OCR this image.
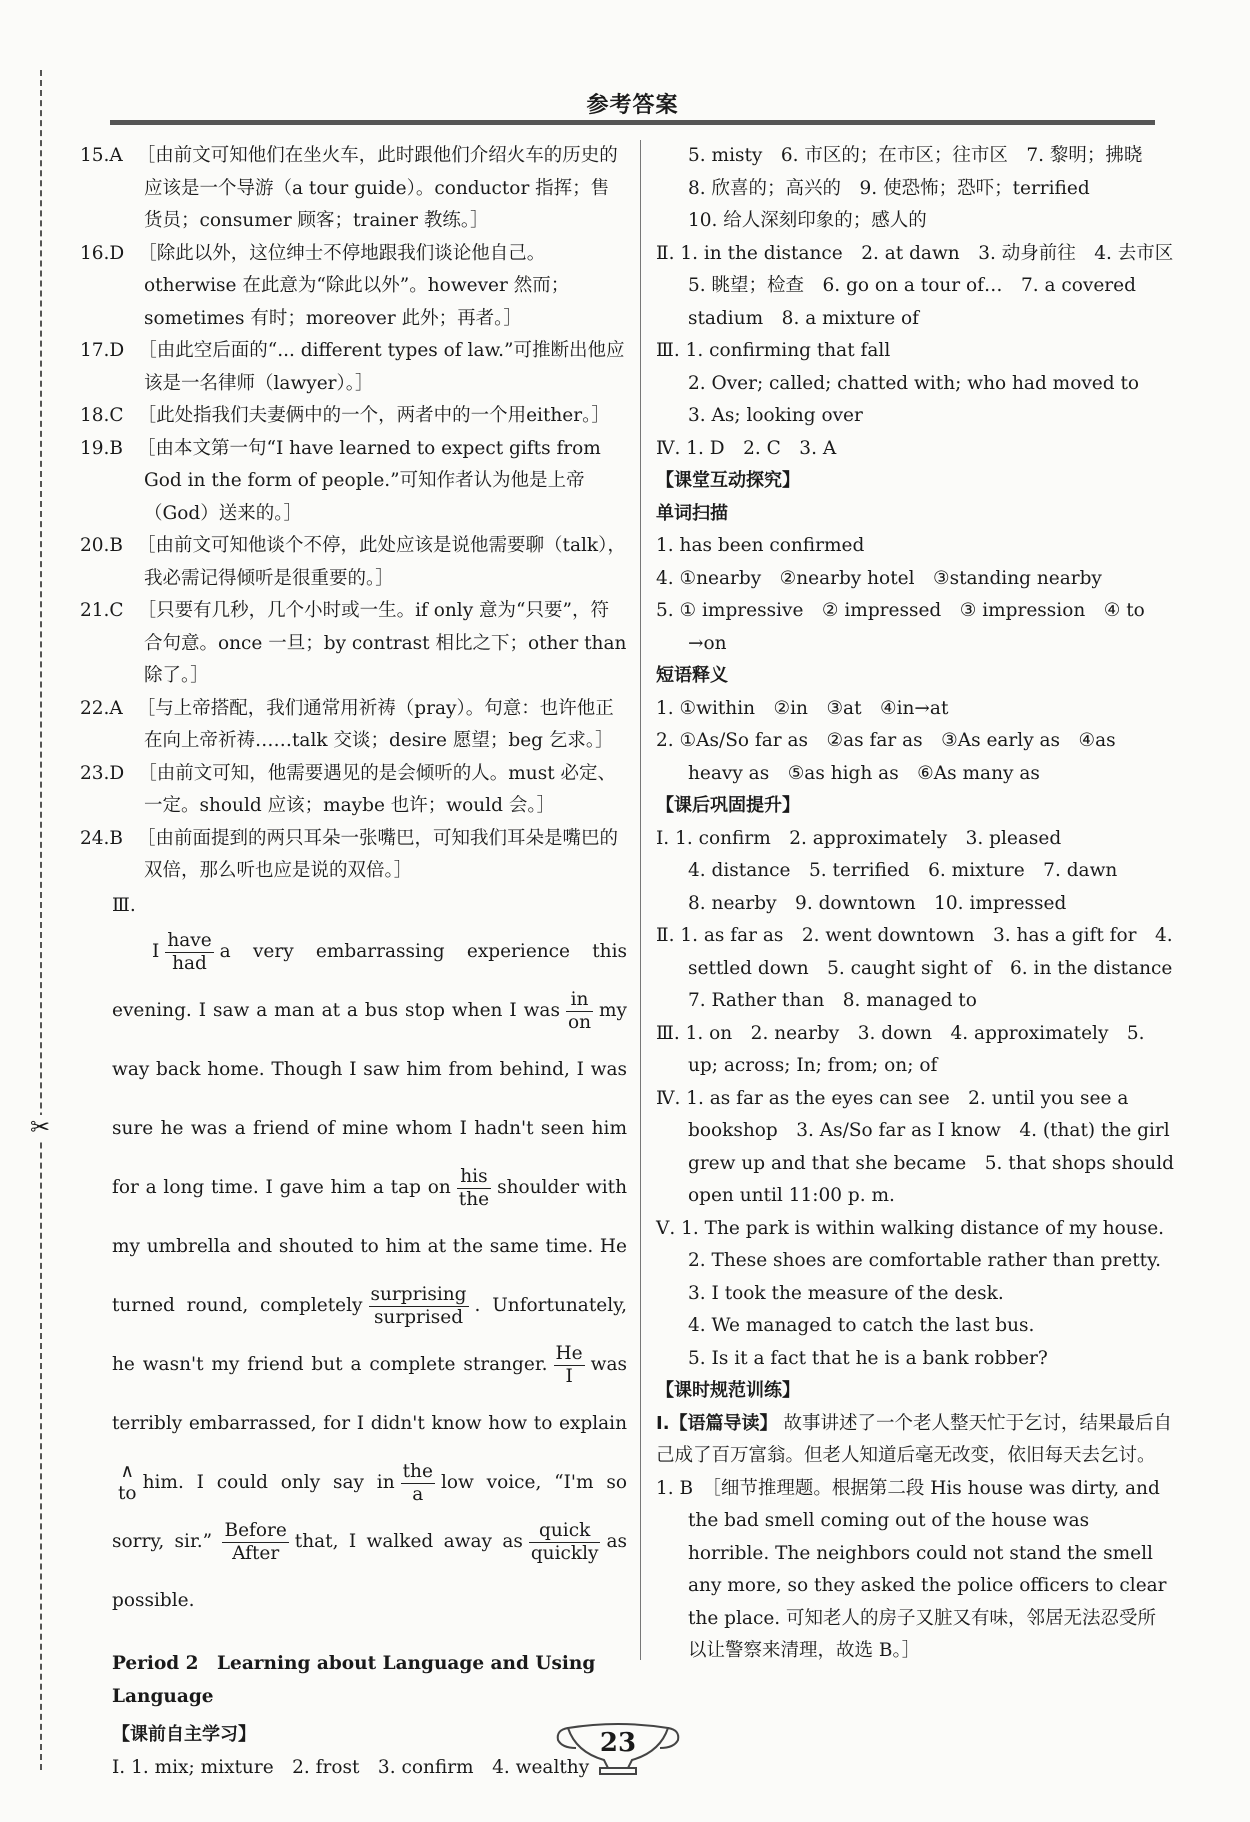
✂
参考答案
15.A ［由前文可知他们在坐火车，此时跟他们介绍火车的历史的应该是一个导游（a tour guide）。conductor 指挥；售货员；consumer 顾客；trainer 教练。］
16.D ［除此以外，这位绅士不停地跟我们谈论他自己。otherwise 在此意为“除此以外”。however 然而；sometimes 有时；moreover 此外；再者。］
17.D ［由此空后面的“... different types of law.”可推断出他应该是一名律师（lawyer）。］
18.C ［此处指我们夫妻俩中的一个，两者中的一个用either。］
19.B ［由本文第一句“I have learned to expect gifts from God in the form of people.”可知作者认为他是上帝（God）送来的。］
20.B ［由前文可知他谈个不停，此处应该是说他需要聊（talk），我必需记得倾听是很重要的。］
21.C ［只要有几秒，几个小时或一生。if only 意为“只要”，符合句意。once 一旦；by contrast 相比之下；other than 除了。］
22.A ［与上帝搭配，我们通常用祈祷（pray）。句意：也许他正在向上帝祈祷……talk 交谈；desire 愿望；beg 乞求。］
23.D ［由前文可知，他需要遇见的是会倾听的人。must 必定、一定。should 应该；maybe 也许；would 会。］
24.B ［由前面提到的两只耳朵一张嘴巴，可知我们耳朵是嘴巴的双倍，那么听也应是说的双倍。］
Ⅲ.
I $\frac{\text{have}}{\text{had}}$ a very embarrassing experience this evening. I saw a man at a bus stop when I was $\frac{in}{on}$ my way back home. Though I saw him from behind, I was sure he was a friend of mine whom I hadn't seen him for a long time. I gave him a tap on $\frac{\text{his}}{\text{the}}$ shoulder with my umbrella and shouted to him at the same time. He turned round, completely $\frac{\text{surprising}}{\text{surprised}}$ . Unfortunately, he wasn't my friend but a complete stranger. $\frac{He}{I}$ was terribly embarrassed, for I didn't know how to explain
∧
to
him. I could only say in $\frac{\text{the}}{a}$ low voice, “I'm so sorry, sir.” $\frac{\text{Before}}{\text{After}}$ that, I walked away as $\frac{\text{quick}}{\text{quickly}}$ as possible.
Period 2　Learning about Language and Using Language
【课前自主学习】
Ⅰ. 1. mix; mixture　2. frost　3. confirm　4. wealthy
5. misty　6. 市区的；在市区；往市区　7. 黎明；拂晓
8. 欣喜的；高兴的　9. 使恐怖；恐吓；terrified
10. 给人深刻印象的；感人的
Ⅱ. 1. in the distance　2. at dawn　3. 动身前往　4. 去市区　5. 眺望；检查　6. go on a tour of…　7. a covered stadium　8. a mixture of
Ⅲ. 1. confirming that fall
2. Over; called; chatted with; who had moved to
3. As; looking over
Ⅳ. 1. D　2. C　3. A
【课堂互动探究】
单词扫描
1. has been confirmed
4. ①nearby　②nearby hotel　③standing nearby
5. ① impressive　② impressed　③ impression　④ to →on
短语释义
1. ①within　②in　③at　④in→at
2. ①As/So far as　②as far as　③As early as　④as heavy as　⑤as high as　⑥As many as
【课后巩固提升】
Ⅰ. 1. confirm　2. approximately　3. pleased
4. distance　5. terrified　6. mixture　7. dawn
8. nearby　9. downtown　10. impressed
Ⅱ. 1. as far as　2. went downtown　3. has a gift for　4. settled down　5. caught sight of　6. in the distance　7. Rather than　8. managed to
Ⅲ. 1. on　2. nearby　3. down　4. approximately　5. up; across; In; from; on; of
Ⅳ. 1. as far as the eyes can see　2. until you see a bookshop　3. As/So far as I know　4. (that) the girl grew up and that she became　5. that shops should open until 11:00 p. m.
Ⅴ. 1. The park is within walking distance of my house.
2. These shoes are comfortable rather than pretty.
3. I took the measure of the desk.
4. We managed to catch the last bus.
5. Is it a fact that he is a bank robber?
【课时规范训练】
Ⅰ.【语篇导读】 故事讲述了一个老人整天忙于乞讨，结果最后自己成了百万富翁。但老人知道后毫无改变，依旧每天去乞讨。
1. B　［细节推理题。根据第二段 His house was dirty, and the bad smell coming out of the house was horrible. The neighbors could not stand the smell any more, so they asked the police officers to clear the place. 可知老人的房子又脏又有味，邻居无法忍受所以让警察来清理，故选 B。］
23
